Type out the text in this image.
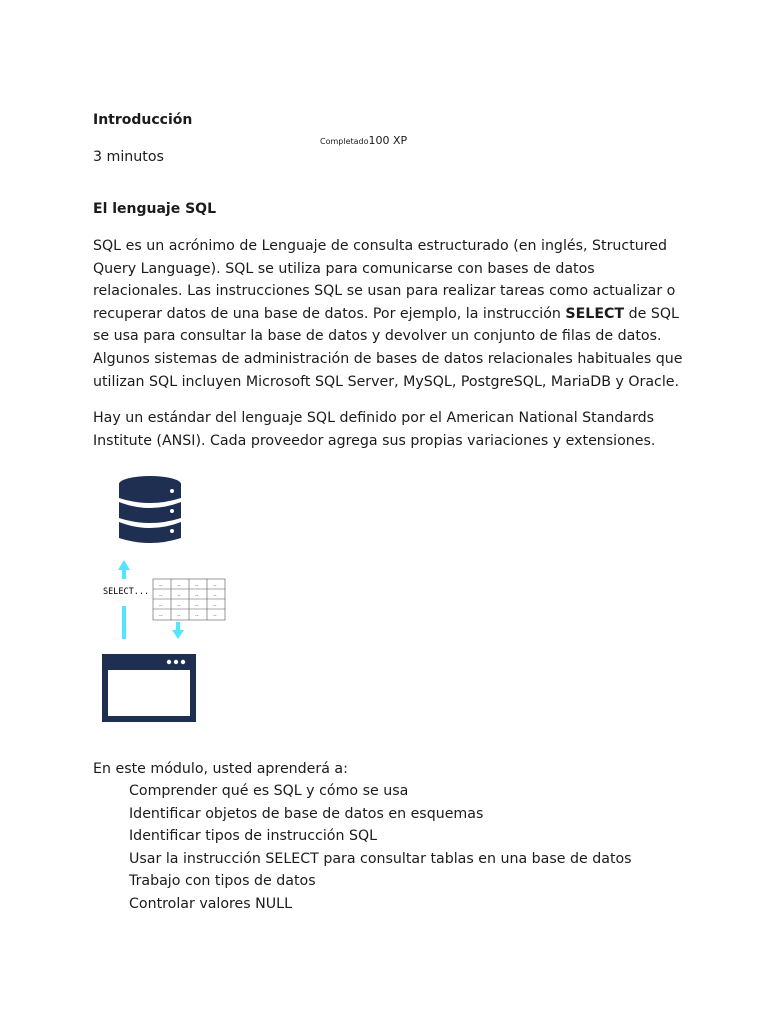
Introducción
Completado100 XP
3 minutos
El lenguaje SQL

SQL es un acrónimo de Lenguaje de consulta estructurado (en inglés, Structured Query Language). SQL se utiliza para comunicarse con bases de datos relacionales. Las instrucciones SQL se usan para realizar tareas como actualizar o recuperar datos de una base de datos. Por ejemplo, la instrucción SELECT de SQL se usa para consultar la base de datos y devolver un conjunto de filas de datos. Algunos sistemas de administración de bases de datos relacionales habituales que utilizan SQL incluyen Microsoft SQL Server, MySQL, PostgreSQL, MariaDB y Oracle.

Hay un estándar del lenguaje SQL definido por el American National Standards Institute (ANSI). Cada proveedor agrega sus propias variaciones y extensiones.

SELECT...
.. .. .. ..
.. .. .. ..
.. .. .. ..
.. .. .. ..
En este módulo, usted aprenderá a:
Comprender qué es SQL y cómo se usa
Identificar objetos de base de datos en esquemas
Identificar tipos de instrucción SQL
Usar la instrucción SELECT para consultar tablas en una base de datos
Trabajo con tipos de datos
Controlar valores NULL
